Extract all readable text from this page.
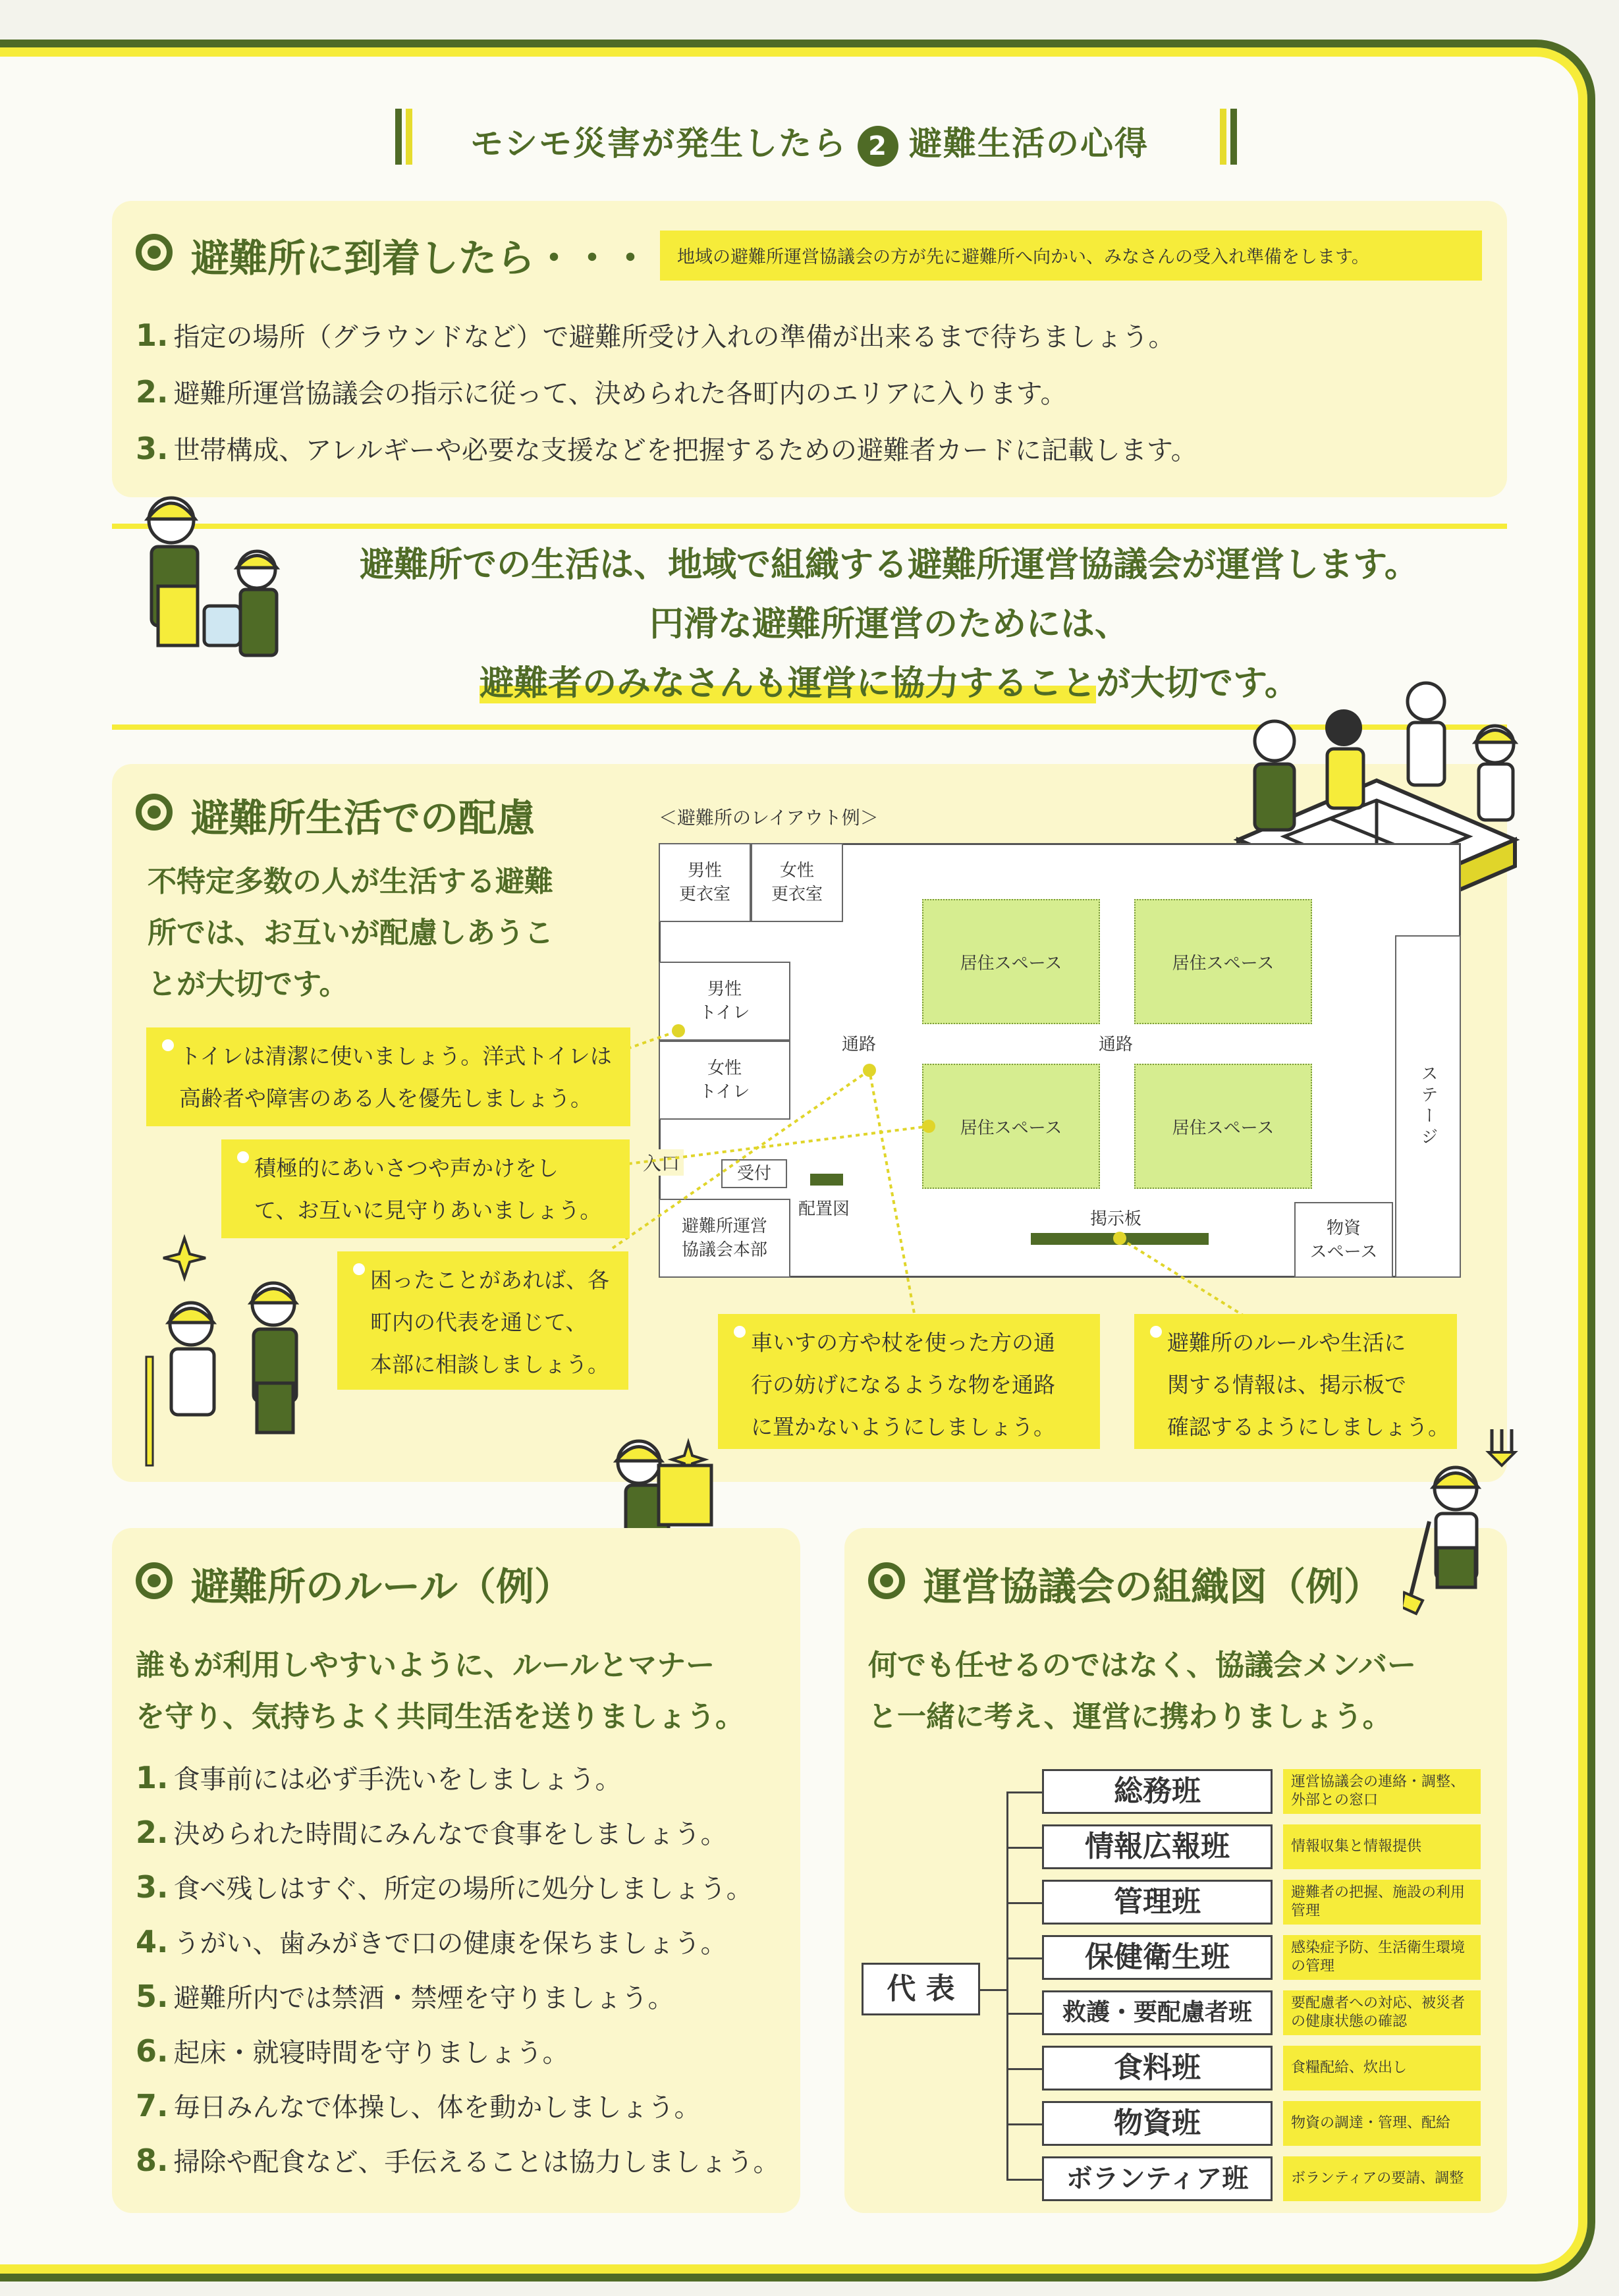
モシモ災害が発生したら 2 避難生活の心得
避難所に到着したら・・・	地域の避難所運営協議会の方が先に避難所へ向かい、みなさんの受入れ準備をします。
1. 指定の場所（グラウンドなど）で避難所受け入れの準備が出来るまで待ちましょう。
2. 避難所運営協議会の指示に従って、決められた各町内のエリアに入ります。
3. 世帯構成、アレルギーや必要な支援などを把握するための避難者カードに記載します。
避難所での生活は、地域で組織する避難所運営協議会が運営します。
円滑な避難所運営のためには、
避難者のみなさんも運営に協力することが大切です。
避難所生活での配慮
不特定多数の人が生活する避難
所では、お互いが配慮しあうこ
とが大切です。
＜避難所のレイアウト例＞
男性
更衣室
女性
更衣室
男性
トイレ
女性
トイレ
居住スペース	居住スペース
居住スペース	居住スペース
通路	通路
ステージ
入口	受付
配置図
避難所運営
協議会本部
掲示板	物資
スペース
トイレは清潔に使いましょう。洋式トイレは
高齢者や障害のある人を優先しましょう。
積極的にあいさつや声かけをし
て、お互いに見守りあいましょう。
困ったことがあれば、各
町内の代表を通じて、
本部に相談しましょう。
車いすの方や杖を使った方の通
行の妨げになるような物を通路
に置かないようにしましょう。
避難所のルールや生活に
関する情報は、掲示板で
確認するようにしましょう。
避難所のルール（例）
誰もが利用しやすいように、ルールとマナー
を守り、気持ちよく共同生活を送りましょう。
1. 食事前には必ず手洗いをしましょう。
2. 決められた時間にみんなで食事をしましょう。
3. 食べ残しはすぐ、所定の場所に処分しましょう。
4. うがい、歯みがきで口の健康を保ちましょう。
5. 避難所内では禁酒・禁煙を守りましょう。
6. 起床・就寝時間を守りましょう。
7. 毎日みんなで体操し、体を動かしましょう。
8. 掃除や配食など、手伝えることは協力しましょう。
運営協議会の組織図（例）
何でも任せるのではなく、協議会メンバー
と一緒に考え、運営に携わりましょう。
代 表
総務班	運営協議会の連絡・調整、外部との窓口
情報広報班	情報収集と情報提供
管理班	避難者の把握、施設の利用管理
保健衛生班	感染症予防、生活衛生環境の管理
救護・要配慮者班	要配慮者への対応、被災者の健康状態の確認
食料班	食糧配給、炊出し
物資班	物資の調達・管理、配給
ボランティア班	ボランティアの要請、調整
